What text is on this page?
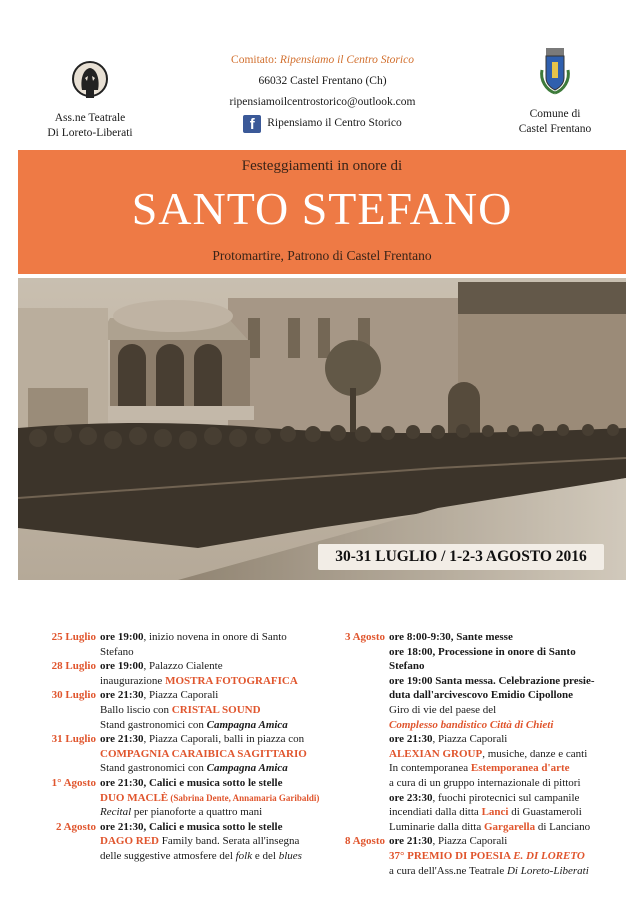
Ass.ne Teatrale
Di Loreto-Liberati
Comitato: Ripensiamo il Centro Storico
66032 Castel Frentano (Ch)
ripensiamoilcentrostorico@outlook.com
f	Ripensiamo il Centro Storico
Comune di
Castel Frentano
Festeggiamenti in onore di
SANTO STEFANO
Protomartire, Patrono di Castel Frentano
30-31 LUGLIO / 1-2-3 AGOSTO 2016
25 Luglio ore 19:00, inizio novena in onore di Santo Stefano
28 Luglio ore 19:00, Palazzo Cialente
inaugurazione MOSTRA FOTOGRAFICA
30 Luglio ore 21:30, Piazza Caporali
Ballo liscio con CRISTAL SOUND
Stand gastronomici con Campagna Amica
31 Luglio ore 21:30, Piazza Caporali, balli in piazza con
COMPAGNIA CARAIBICA SAGITTARIO
Stand gastronomici con Campagna Amica
1° Agosto ore 21:30, Calici e musica sotto le stelle
DUO MACLÈ (Sabrina Dente, Annamaria Garibaldi)
Recital per pianoforte a quattro mani
2 Agosto ore 21:30, Calici e musica sotto le stelle
DAGO RED Family band. Serata all'insegna
delle suggestive atmosfere del folk e del blues
3 Agosto ore 8:00-9:30, Sante messe
ore 18:00, Processione in onore di Santo Stefano
ore 19:00 Santa messa. Celebrazione presie-
duta dall'arcivescovo Emidio Cipollone
Giro di vie del paese del
Complesso bandistico Città di Chieti
ore 21:30, Piazza Caporali
ALEXIAN GROUP, musiche, danze e canti
In contemporanea Estemporanea d'arte
a cura di un gruppo internazionale di pittori
ore 23:30, fuochi pirotecnici sul campanile
incendiati dalla ditta Lanci di Guastameroli
Luminarie dalla ditta Gargarella di Lanciano
8 Agosto ore 21:30, Piazza Caporali
37° PREMIO DI POESIA E. DI LORETO
a cura dell'Ass.ne Teatrale Di Loreto-Liberati
